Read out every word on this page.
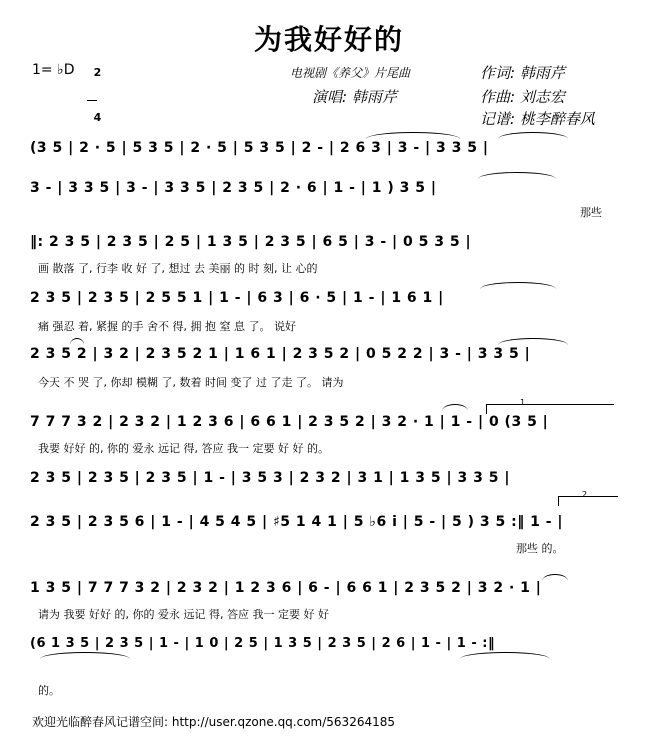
为我好好的
1= ♭D	2

4

电视剧《养父》片尾曲
演唱: 韩雨芹
作词: 韩雨芹
作曲: 刘志宏
记谱: 桃李醉春风
(3 5 | 2 · 5 | 5 3 5 | 2 · 5 | 5 3 5 | 2 - | 2 6 3 | 3 - | 3 3 5 |
3 - | 3 3 5 | 3 - | 3 3 5 | 2 3 5 | 2 · 6 | 1 - | 1 ) 3 5 |
那些
‖: 2 3 5 | 2 3 5 | 2 5 | 1 3 5 | 2 3 5 | 6 5 | 3 - | 0 5 3 5 |
画 散落 了, 行李 收 好 了, 想过 去 美丽 的 时 刻, 让 心的
2 3 5 | 2 3 5 | 2 5 5 1 | 1 - | 6 3 | 6 · 5 | 1 - | 1 6 1 |
痛 强忍 着, 紧握 的手 舍不 得, 拥 抱 窒 息 了。 说好
2 3 5 2 | 3 2 | 2 3 5 2 1 | 1 6 1 | 2 3 5 2 | 0 5 2 2 | 3 - | 3 3 5 |
今天 不 哭 了, 你却 模糊 了, 数着 时间 变了 过 了走 了。 请为
1
7 7 7 3 2 | 2 3 2 | 1 2 3 6 | 6 6 1 | 2 3 5 2 | 3 2 · 1 | 1 - | 0 (3 5 |
我要 好好 的, 你的 爱永 远记 得, 答应 我一 定要 好 好 的。
2 3 5 | 2 3 5 | 2 3 5 | 1 - | 3 5 3 | 2 3 2 | 3 1 | 1 3 5 | 3 3 5 |
2
2 3 5 | 2 3 5 6 | 1 - | 4 5 4 5 | ♯5 1 4 1 | 5 ♭6 i | 5 - | 5 ) 3 5 :‖ 1 - |
那些 的。
1 3 5 | 7 7 7 3 2 | 2 3 2 | 1 2 3 6 | 6 - | 6 6 1 | 2 3 5 2 | 3 2 · 1 |
请为 我要 好好 的, 你的 爱永 远记 得, 答应 我一 定要 好 好
(6 1 3 5 | 2 3 5 | 1 - | 1 0 | 2 5 | 1 3 5 | 2 3 5 | 2 6 | 1 - | 1 - :‖
的。
欢迎光临醉春风记谱空间: http://user.qzone.qq.com/563264185
